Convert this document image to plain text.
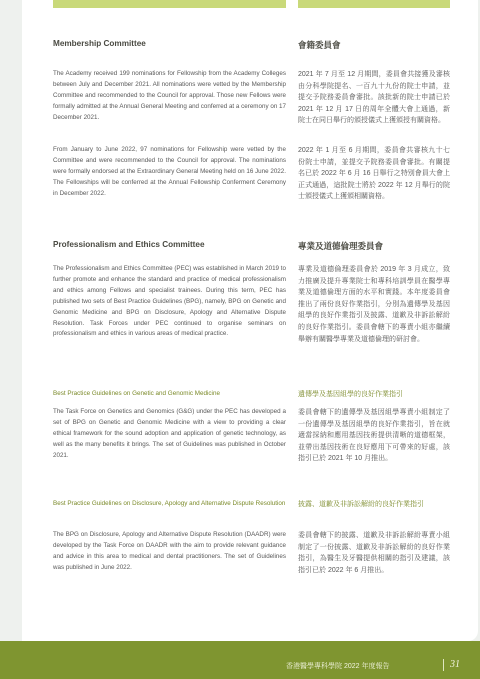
Membership Committee

The Academy received 199 nominations for Fellowship from the Academy Colleges between July and December 2021. All nominations were vetted by the Membership Committee and recommended to the Council for approval. Those new Fellows were formally admitted at the Annual General Meeting and conferred at a ceremony on 17 December 2021.

From January to June 2022, 97 nominations for Fellowship were vetted by the Committee and were recommended to the Council for approval. The nominations were formally endorsed at the Extraordinary General Meeting held on 16 June 2022. The Fellowships will be conferred at the Annual Fellowship Conferment Ceremony in December 2022.

Professionalism and Ethics Committee

The Professionalism and Ethics Committee (PEC) was established in March 2019 to further promote and enhance the standard and practice of medical professionalism and ethics among Fellows and specialist trainees. During this term, PEC has published two sets of Best Practice Guidelines (BPG), namely, BPG on Genetic and Genomic Medicine and BPG on Disclosure, Apology and Alternative Dispute Resolution. Task Forces under PEC continued to organise seminars on professionalism and ethics in various areas of medical practice.

Best Practice Guidelines on Genetic and Genomic Medicine

The Task Force on Genetics and Genomics (G&G) under the PEC has developed a set of BPG on Genetic and Genomic Medicine with a view to providing a clear ethical framework for the sound adoption and application of genetic technology, as well as the many benefits it brings. The set of Guidelines was published in October 2021.

Best Practice Guidelines on Disclosure, Apology and Alternative Dispute Resolution

The BPG on Disclosure, Apology and Alternative Dispute Resolution (DAADR) were developed by the Task Force on DAADR with the aim to provide relevant guidance and advice in this area to medical and dental practitioners. The set of Guidelines was published in June 2022.

會籍委員會

2021 年 7 月至 12 月期間，委員會共接獲及審核由分科學院提名、一百九十九份的院士申請，並提交予院務委員會審批。該批新的院士申請已於 2021 年 12 月 17 日的周年全體大會上通過，新院士在同日舉行的頒授儀式上獲頒授有關資格。

2022 年 1 月至 6 月期間，委員會共審核九十七份院士申請，並提交予院務委員會審批。有關提名已於 2022 年 6 月 16 日舉行之特別會員大會上正式通過，這批院士將於 2022 年 12 月舉行的院士頒授儀式上獲頒相關資格。

專業及道德倫理委員會

專業及道德倫理委員會於 2019 年 3 月成立，致力推廣及提升專業院士和專科培訓學員在醫學專業及道德倫理方面的水平和實踐。本年度委員會推出了兩份良好作業指引，分別為遺傳學及基因組學的良好作業指引及披露、道歉及非訴訟解紛的良好作業指引。委員會轄下的專責小組亦繼續舉辦有關醫學專業及道德倫理的研討會。

遺傳學及基因組學的良好作業指引

委員會轄下的遺傳學及基因組學專責小組制定了一份遺傳學及基因組學的良好作業指引，旨在就適當採納和應用基因技術提供清晰的道德框架，並帶出基因技術在良好應用下可帶來的好處，該指引已於 2021 年 10 月推出。

披露、道歉及非訴訟解紛的良好作業指引

委員會轄下的披露、道歉及非訴訟解紛專責小組制定了一份披露、道歉及非訴訟解紛的良好作業指引，為醫生及牙醫提供相關的指引及建議，該指引已於 2022 年 6 月推出。

香港醫學專科學院 2022 年度報告	31
